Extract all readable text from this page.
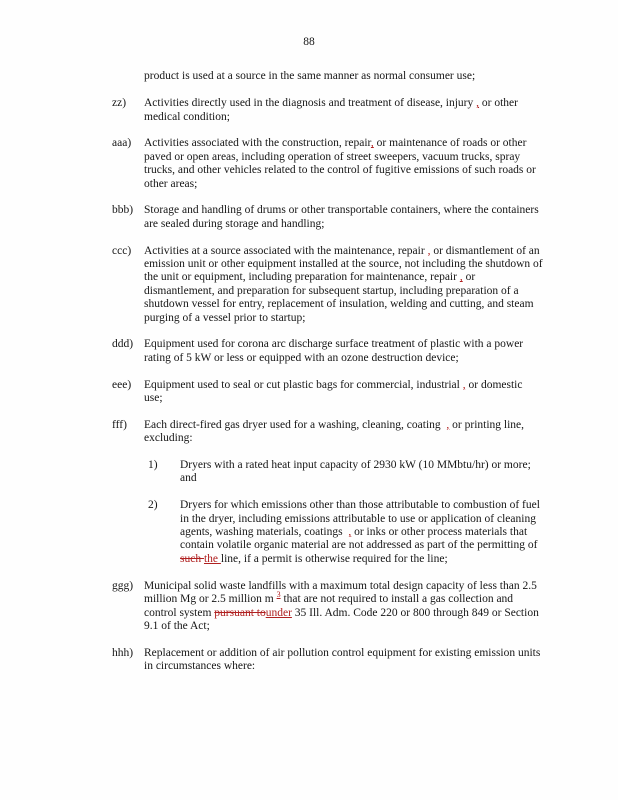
88

product is used at a source in the same manner as normal consumer use;

zz)	Activities directly used in the diagnosis and treatment of disease, injury , or other medical condition;

aaa)	Activities associated with the construction, repair, or maintenance of roads or other paved or open areas, including operation of street sweepers, vacuum trucks, spray trucks, and other vehicles related to the control of fugitive emissions of such roads or other areas;

bbb) Storage and handling of drums or other transportable containers, where the containers are sealed during storage and handling;

ccc)	Activities at a source associated with the maintenance, repair , or dismantlement of an emission unit or other equipment installed at the source, not including the shutdown of the unit or equipment, including preparation for maintenance, repair , or dismantlement, and preparation for subsequent startup, including preparation of a shutdown vessel for entry, replacement of insulation, welding and cutting, and steam purging of a vessel prior to startup;

ddd) Equipment used for corona arc discharge surface treatment of plastic with a power rating of 5 kW or less or equipped with an ozone destruction device;

eee)	Equipment used to seal or cut plastic bags for commercial, industrial , or domestic use;

fff)	Each direct-fired gas dryer used for a washing, cleaning, coating  , or printing line, excluding:

1)	Dryers with a rated heat input capacity of 2930 kW (10 MMbtu/hr) or more; and

2)	Dryers for which emissions other than those attributable to combustion of fuel in the dryer, including emissions attributable to use or application of cleaning agents, washing materials, coatings  , or inks or other process materials that contain volatile organic material are not addressed as part of the permitting of such the line, if a permit is otherwise required for the line;

ggg) Municipal solid waste landfills with a maximum total design capacity of less than 2.5 million Mg or 2.5 million m $^3$ that are not required to install a gas collection and control system pursuant tounder 35 Ill. Adm. Code 220 or 800 through 849 or Section 9.1 of the Act;

hhh) Replacement or addition of air pollution control equipment for existing emission units in circumstances where:
